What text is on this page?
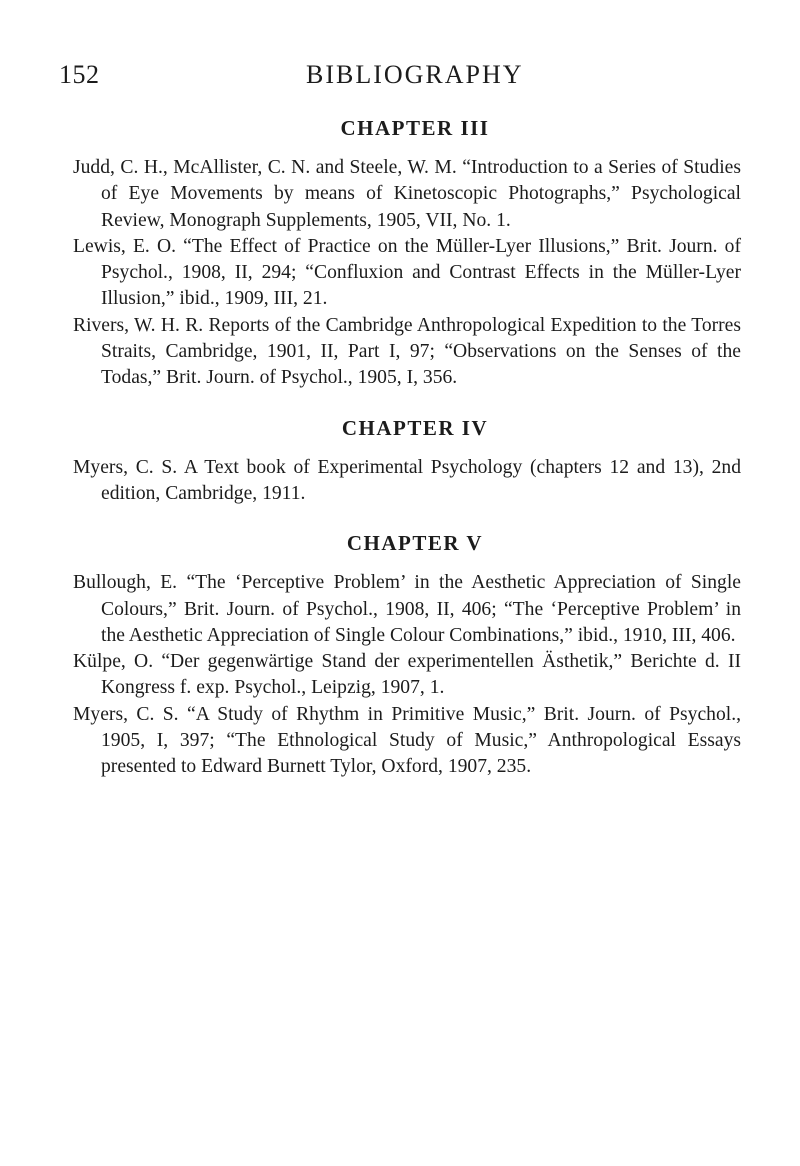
152	BIBLIOGRAPHY
CHAPTER III

Judd, C. H., McAllister, C. N. and Steele, W. M. “Introduction to a Series of Studies of Eye Movements by means of Kinetoscopic Photographs,” Psychological Review, Monograph Supplements, 1905, VII, No. 1.

Lewis, E. O. “The Effect of Practice on the Müller-Lyer Illusions,” Brit. Journ. of Psychol., 1908, II, 294; “Confluxion and Contrast Effects in the Müller-Lyer Illusion,” ibid., 1909, III, 21.

Rivers, W. H. R. Reports of the Cambridge Anthropological Expedition to the Torres Straits, Cambridge, 1901, II, Part I, 97; “Observations on the Senses of the Todas,” Brit. Journ. of Psychol., 1905, I, 356.

CHAPTER IV

Myers, C. S. A Text book of Experimental Psychology (chapters 12 and 13), 2nd edition, Cambridge, 1911.

CHAPTER V

Bullough, E. “The ‘Perceptive Problem’ in the Aesthetic Appreciation of Single Colours,” Brit. Journ. of Psychol., 1908, II, 406; “The ‘Perceptive Problem’ in the Aesthetic Appreciation of Single Colour Combinations,” ibid., 1910, III, 406.

Külpe, O. “Der gegenwärtige Stand der experimentellen Ästhetik,” Berichte d. II Kongress f. exp. Psychol., Leipzig, 1907, 1.

Myers, C. S. “A Study of Rhythm in Primitive Music,” Brit. Journ. of Psychol., 1905, I, 397; “The Ethnological Study of Music,” Anthropological Essays presented to Edward Burnett Tylor, Oxford, 1907, 235.
